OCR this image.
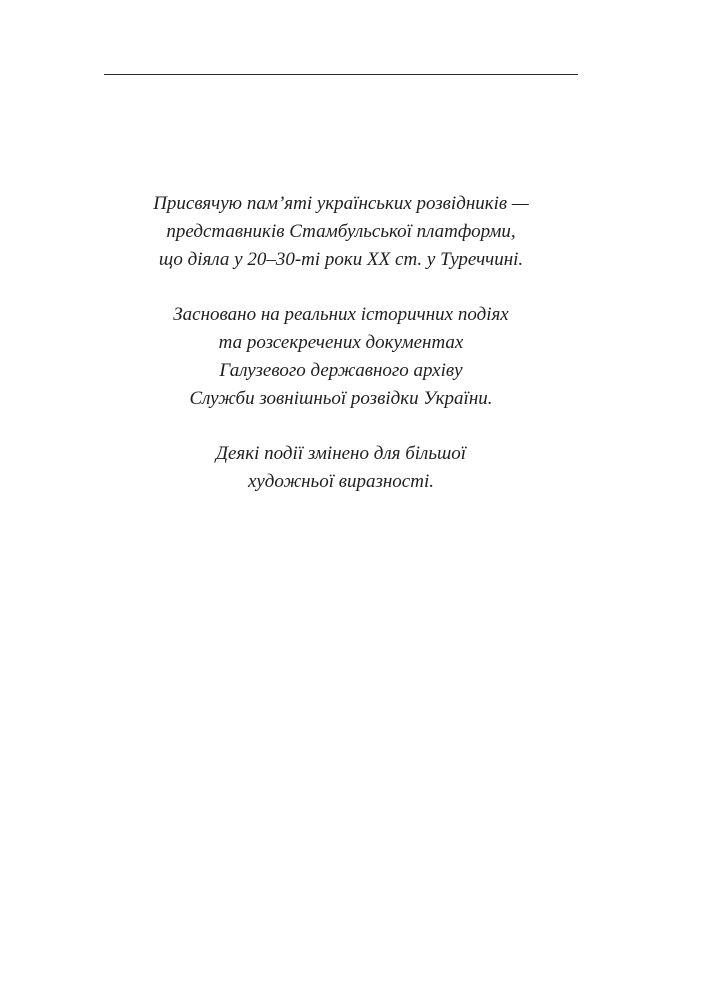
Присвячую пам’яті українських розвідників —
представників Стамбульської платформи,
що діяла у 20–30-ті роки ХХ ст. у Туреччині.

Засновано на реальних історичних подіях
та розсекречених документах
Галузевого державного архіву
Служби зовнішньої розвідки України.

Деякі події змінено для більшої
художньої виразності.
